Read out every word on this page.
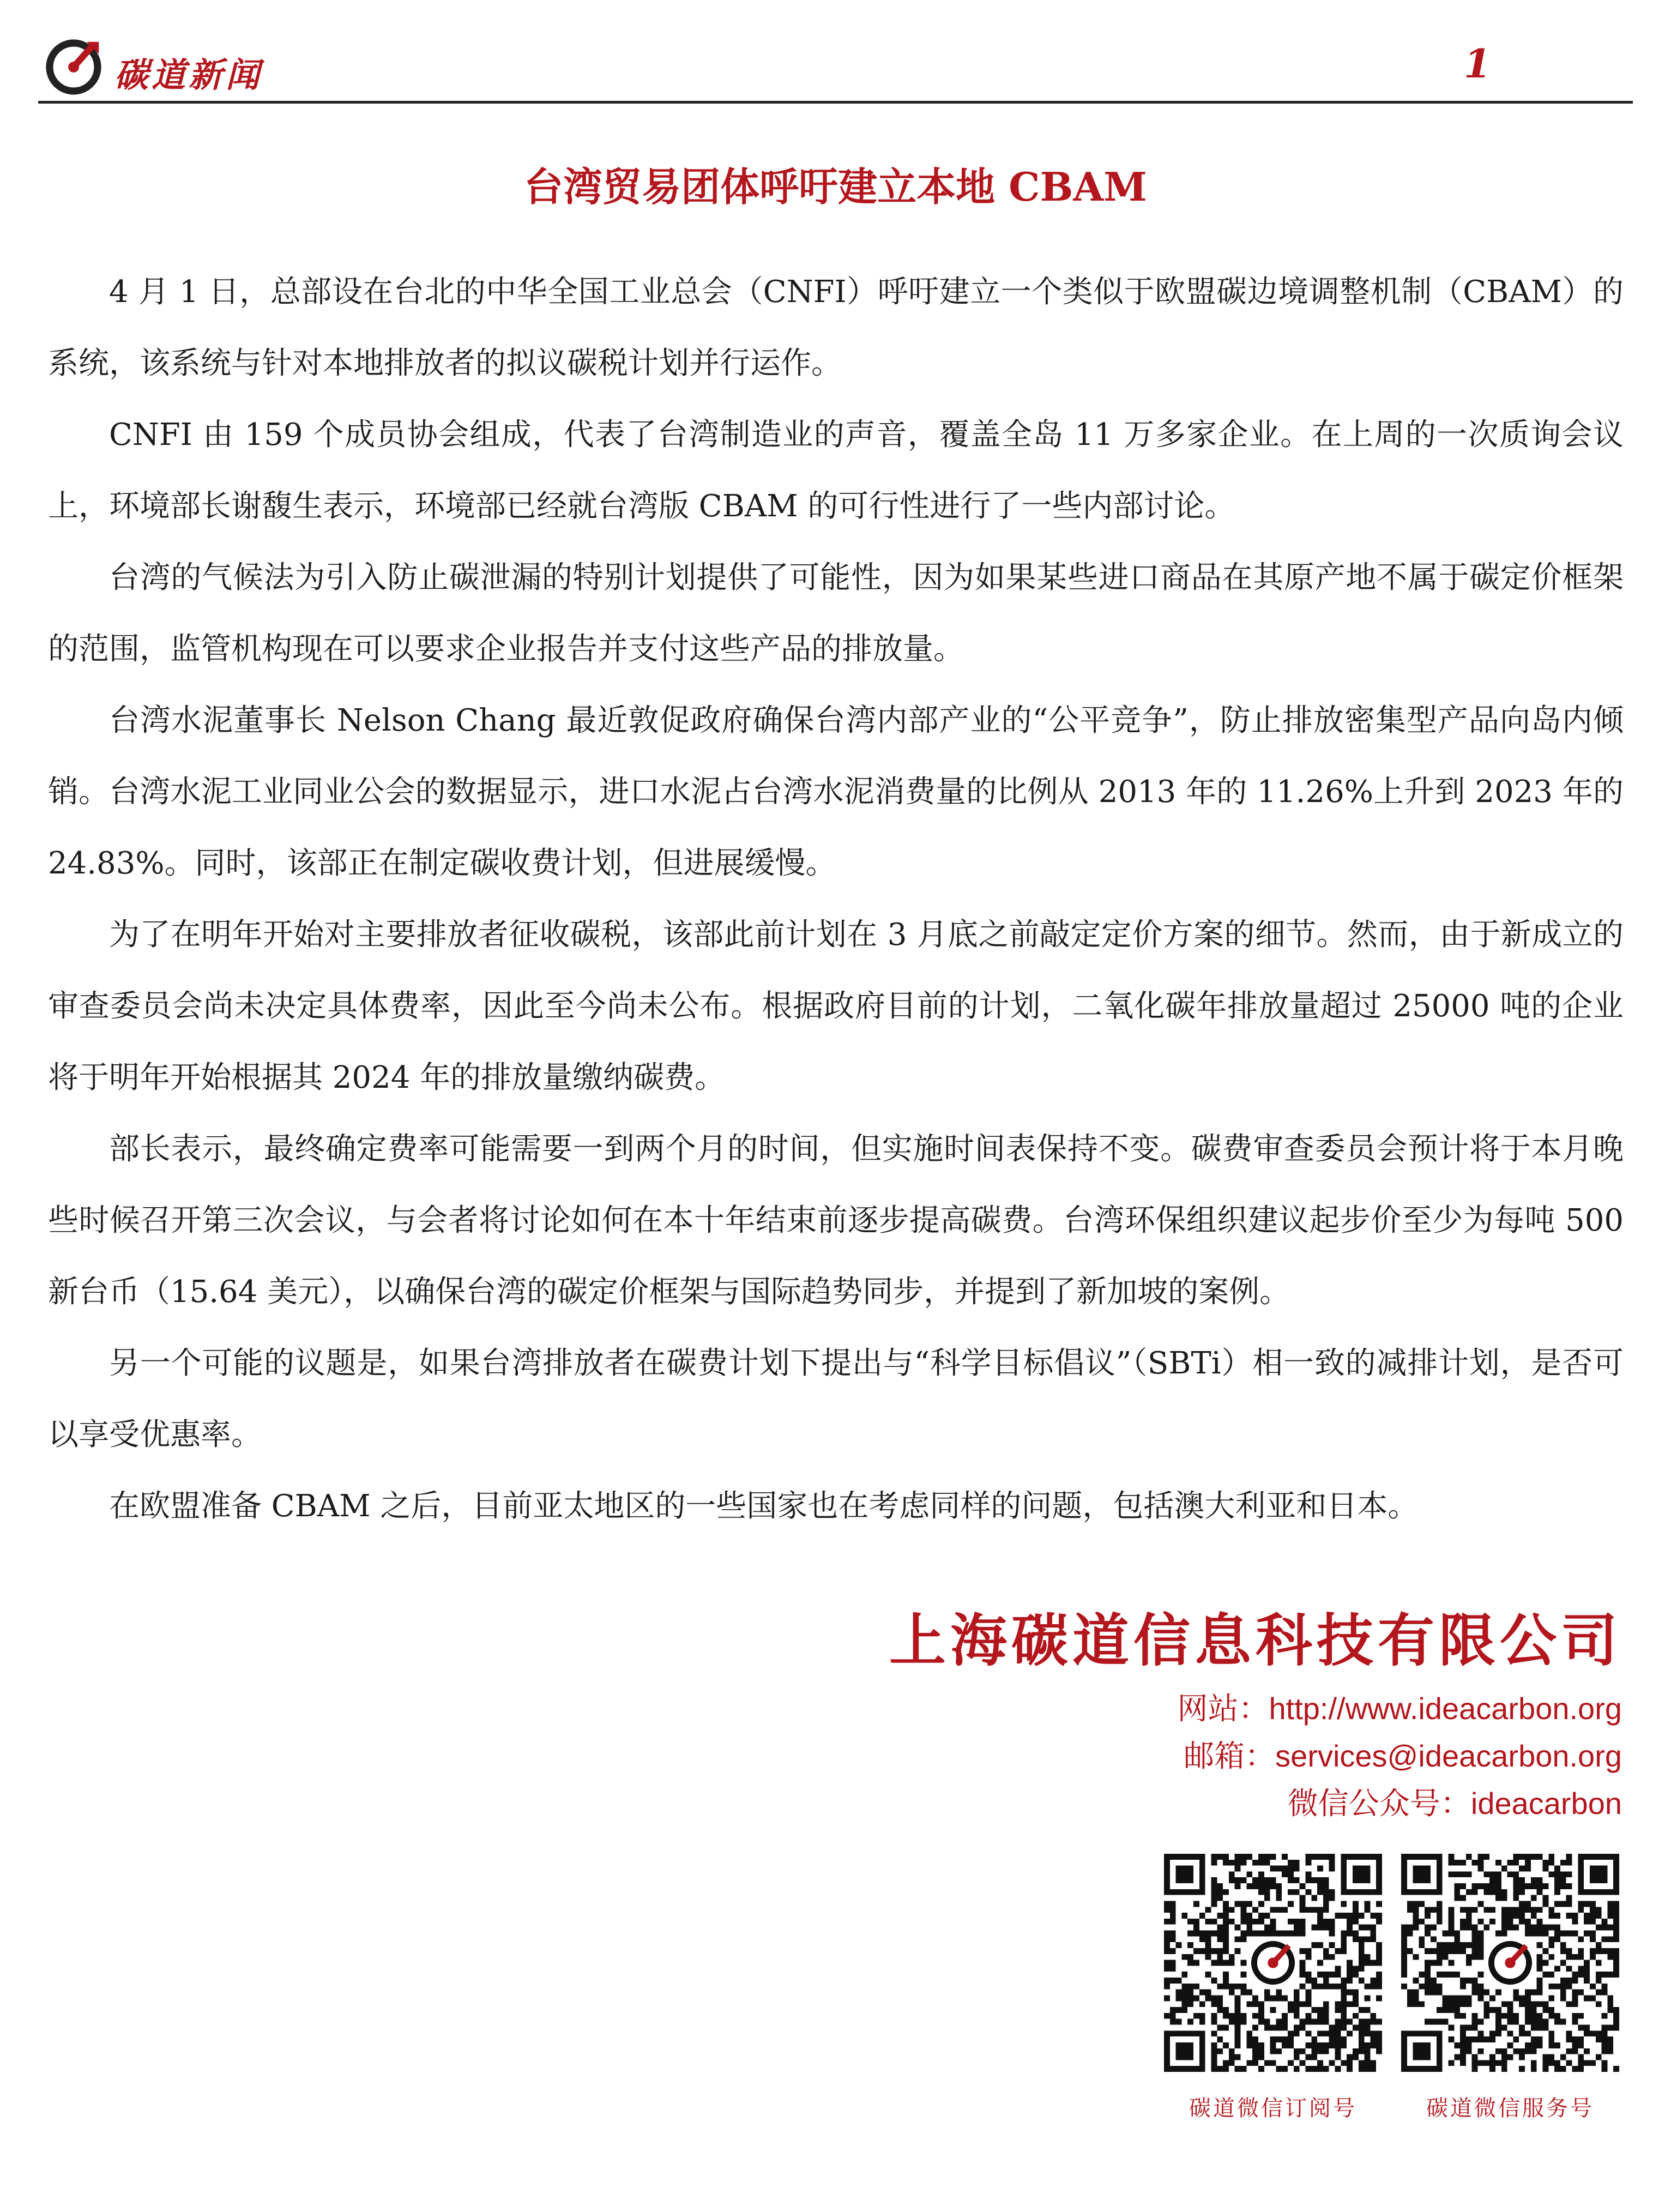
碳道新闻	1
台湾贸易团体呼吁建立本地 CBAM

4 月 1 日，总部设在台北的中华全国工业总会（CNFI）呼吁建立一个类似于欧盟碳边境调整机制（CBAM）的系统，该系统与针对本地排放者的拟议碳税计划并行运作。

CNFI 由 159 个成员协会组成，代表了台湾制造业的声音，覆盖全岛 11 万多家企业。在上周的一次质询会议上，环境部长谢馥生表示，环境部已经就台湾版 CBAM 的可行性进行了一些内部讨论。

台湾的气候法为引入防止碳泄漏的特别计划提供了可能性，因为如果某些进口商品在其原产地不属于碳定价框架的范围，监管机构现在可以要求企业报告并支付这些产品的排放量。

台湾水泥董事长 Nelson Chang 最近敦促政府确保台湾内部产业的“公平竞争”，防止排放密集型产品向岛内倾销。台湾水泥工业同业公会的数据显示，进口水泥占台湾水泥消费量的比例从 2013 年的 11.26%上升到 2023 年的 24.83%。同时，该部正在制定碳收费计划，但进展缓慢。

为了在明年开始对主要排放者征收碳税，该部此前计划在 3 月底之前敲定定价方案的细节。然而，由于新成立的审查委员会尚未决定具体费率，因此至今尚未公布。根据政府目前的计划，二氧化碳年排放量超过 25000 吨的企业将于明年开始根据其 2024 年的排放量缴纳碳费。

部长表示，最终确定费率可能需要一到两个月的时间，但实施时间表保持不变。碳费审查委员会预计将于本月晚些时候召开第三次会议，与会者将讨论如何在本十年结束前逐步提高碳费。台湾环保组织建议起步价至少为每吨 500 新台币（15.64 美元），以确保台湾的碳定价框架与国际趋势同步，并提到了新加坡的案例。

另一个可能的议题是，如果台湾排放者在碳费计划下提出与“科学目标倡议”（SBTi）相一致的减排计划，是否可以享受优惠率。

在欧盟准备 CBAM 之后，目前亚太地区的一些国家也在考虑同样的问题，包括澳大利亚和日本。

上海碳道信息科技有限公司
网站：http://www.ideacarbon.org
邮箱：services@ideacarbon.org
微信公众号：ideacarbon
碳道微信订阅号	碳道微信服务号
